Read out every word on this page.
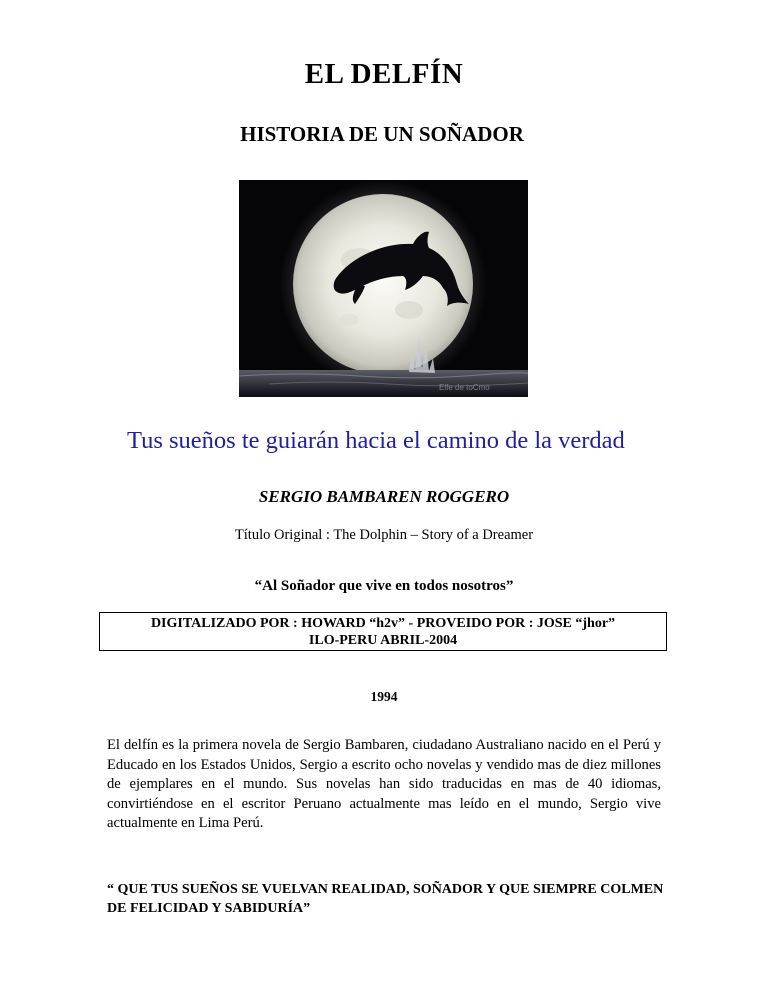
EL DELFÍN
HISTORIA DE UN SOÑADOR
Elfe de toCmo
Tus sueños te guiarán hacia el camino de la verdad
SERGIO BAMBAREN ROGGERO
Título Original : The Dolphin – Story of a Dreamer
“Al Soñador que vive en todos nosotros”
DIGITALIZADO POR : HOWARD “h2v” - PROVEIDO POR : JOSE “jhor”
ILO-PERU ABRIL-2004
1994
El delfín es la primera novela de Sergio Bambaren, ciudadano Australiano nacido en el Perú y Educado en los Estados Unidos, Sergio a escrito ocho novelas y vendido mas de diez millones de ejemplares en el mundo. Sus novelas han sido traducidas en mas de 40 idiomas, convirtiéndose en el escritor Peruano actualmente mas leído en el mundo, Sergio vive actualmente en Lima Perú.
“ QUE TUS SUEÑOS SE VUELVAN REALIDAD, SOÑADOR Y QUE SIEMPRE COLMEN DE FELICIDAD Y SABIDURÍA”
